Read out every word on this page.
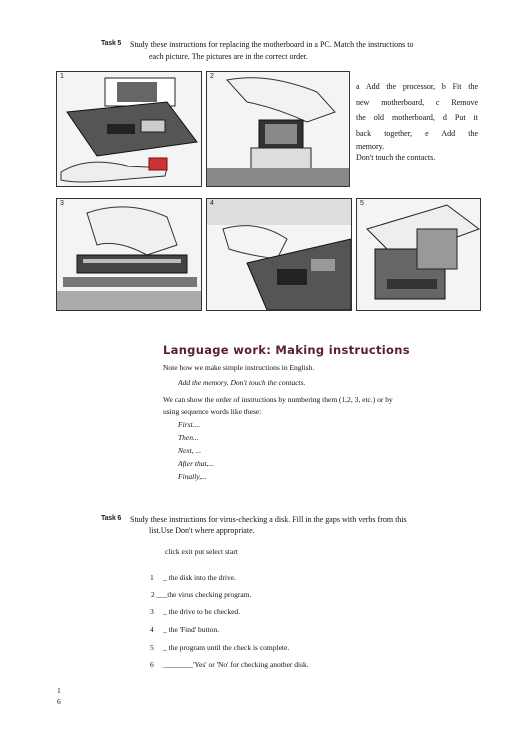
Task 5 Study these instructions for replacing the motherboard in a PC. Match the instructions to
each picture. The pictures are in the correct order.
1	2
a Add the processor, b Fit the
new motherboard, c Remove
the old motherboard, d Put it
back together, e Add the
memory.
Don't touch the contacts.
3	4	5
Language work: Making instructions
Note how we make simple instructions in English.
Add the memory. Don't touch the contacts.
We can show the order of instructions by numbering them (1,2, 3, etc.) or by
using sequence words like these:
First....
Then...
Next, ...
After that,...
Finally,...
Task 6 Study these instructions for virus-checking a disk. Fill in the gaps with verbs from this
list.Use Don't where appropriate.
click exit put select start
1 _ the disk into the drive.
2 ___the virus checking program.
3 _ the drive to be checked.
4 _ the 'Find' button.
5 _ the program until the check is complete.
6 ________'Yes' or 'No' for checking another disk.
1
6
